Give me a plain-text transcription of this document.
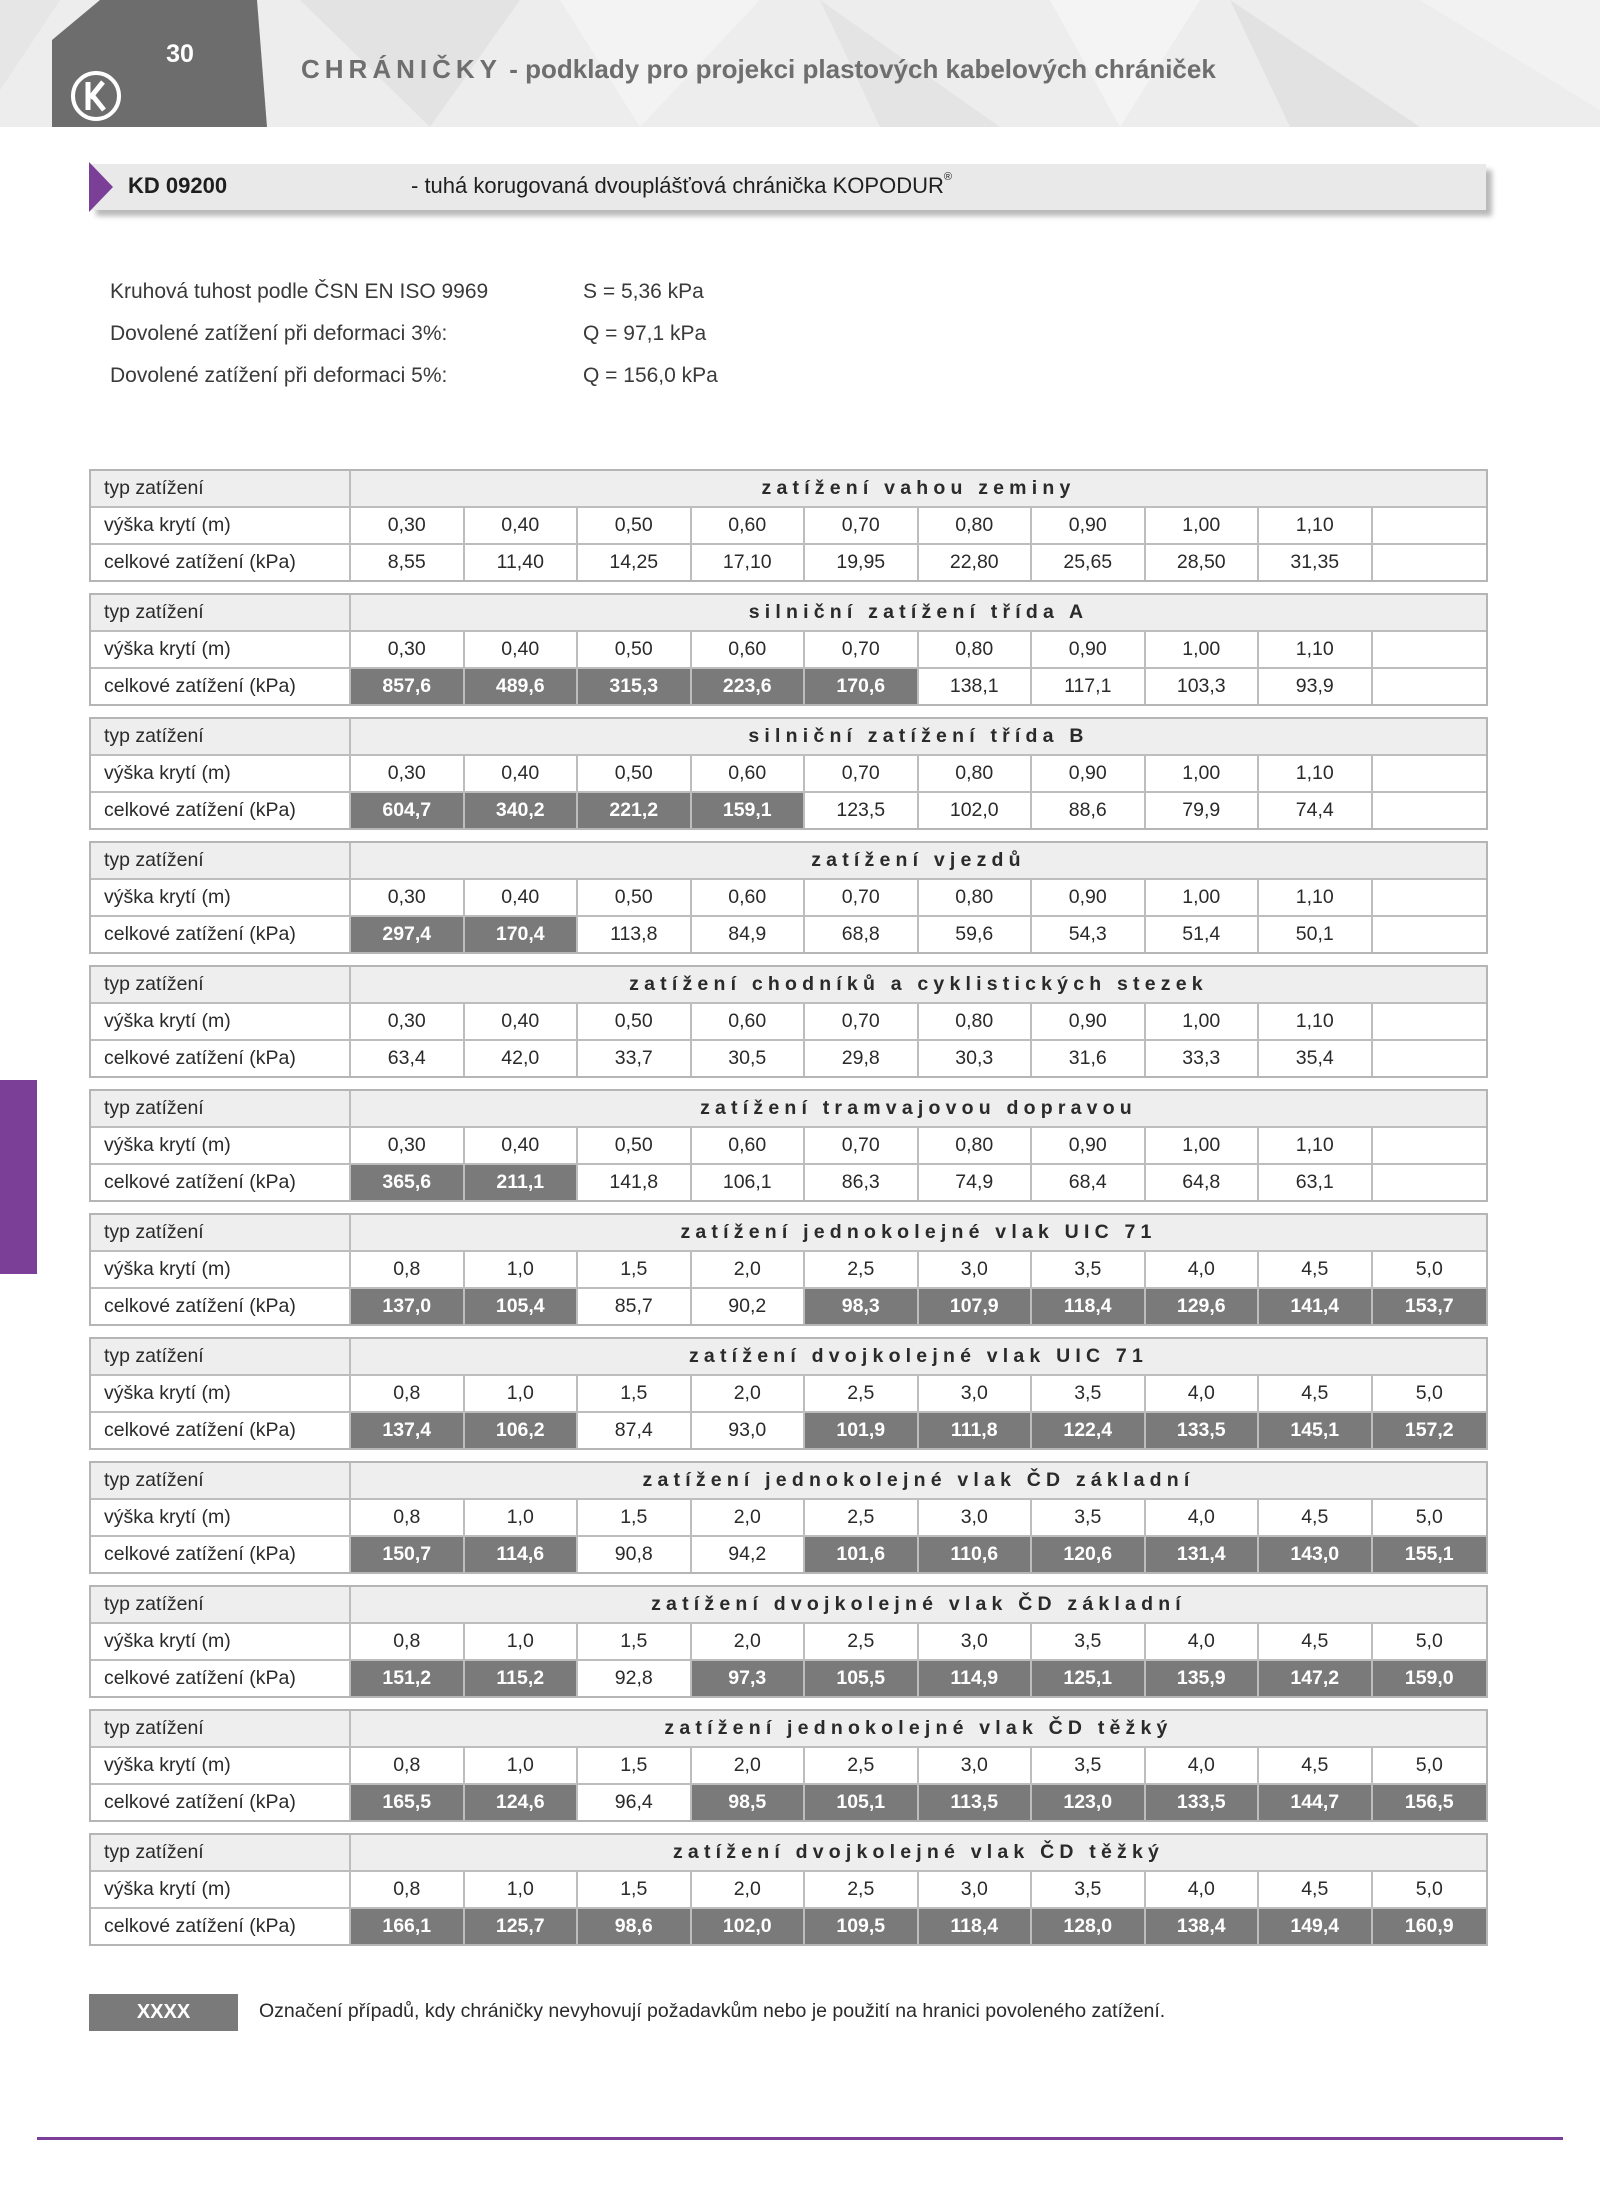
30	CHRÁNIČKY - podklady pro projekci plastových kabelových chrániček
KD 09200	- tuhá korugovaná dvouplášťová chránička KOPODUR®
Kruhová tuhost podle ČSN EN ISO 9969	S = 5,36 kPa
Dovolené zatížení při deformaci 3%:	Q = 97,1 kPa
Dovolené zatížení při deformaci 5%:	Q = 156,0 kPa
typ zatížení	zatížení vahou zeminy
výška krytí (m)	0,30	0,40	0,50	0,60	0,70	0,80	0,90	1,00	1,10
celkové zatížení (kPa)	8,55	11,40	14,25	17,10	19,95	22,80	25,65	28,50	31,35
typ zatížení	silniční zatížení třída A
výška krytí (m)	0,30	0,40	0,50	0,60	0,70	0,80	0,90	1,00	1,10
celkové zatížení (kPa)	857,6	489,6	315,3	223,6	170,6	138,1	117,1	103,3	93,9
typ zatížení	silniční zatížení třída B
výška krytí (m)	0,30	0,40	0,50	0,60	0,70	0,80	0,90	1,00	1,10
celkové zatížení (kPa)	604,7	340,2	221,2	159,1	123,5	102,0	88,6	79,9	74,4
typ zatížení	zatížení vjezdů
výška krytí (m)	0,30	0,40	0,50	0,60	0,70	0,80	0,90	1,00	1,10
celkové zatížení (kPa)	297,4	170,4	113,8	84,9	68,8	59,6	54,3	51,4	50,1
typ zatížení	zatížení chodníků a cyklistických stezek
výška krytí (m)	0,30	0,40	0,50	0,60	0,70	0,80	0,90	1,00	1,10
celkové zatížení (kPa)	63,4	42,0	33,7	30,5	29,8	30,3	31,6	33,3	35,4
typ zatížení	zatížení tramvajovou dopravou
výška krytí (m)	0,30	0,40	0,50	0,60	0,70	0,80	0,90	1,00	1,10
celkové zatížení (kPa)	365,6	211,1	141,8	106,1	86,3	74,9	68,4	64,8	63,1
typ zatížení	zatížení jednokolejné vlak UIC 71
výška krytí (m)	0,8	1,0	1,5	2,0	2,5	3,0	3,5	4,0	4,5	5,0
celkové zatížení (kPa)	137,0	105,4	85,7	90,2	98,3	107,9	118,4	129,6	141,4	153,7
typ zatížení	zatížení dvojkolejné vlak UIC 71
výška krytí (m)	0,8	1,0	1,5	2,0	2,5	3,0	3,5	4,0	4,5	5,0
celkové zatížení (kPa)	137,4	106,2	87,4	93,0	101,9	111,8	122,4	133,5	145,1	157,2
typ zatížení	zatížení jednokolejné vlak ČD základní
výška krytí (m)	0,8	1,0	1,5	2,0	2,5	3,0	3,5	4,0	4,5	5,0
celkové zatížení (kPa)	150,7	114,6	90,8	94,2	101,6	110,6	120,6	131,4	143,0	155,1
typ zatížení	zatížení dvojkolejné vlak ČD základní
výška krytí (m)	0,8	1,0	1,5	2,0	2,5	3,0	3,5	4,0	4,5	5,0
celkové zatížení (kPa)	151,2	115,2	92,8	97,3	105,5	114,9	125,1	135,9	147,2	159,0
typ zatížení	zatížení jednokolejné vlak ČD těžký
výška krytí (m)	0,8	1,0	1,5	2,0	2,5	3,0	3,5	4,0	4,5	5,0
celkové zatížení (kPa)	165,5	124,6	96,4	98,5	105,1	113,5	123,0	133,5	144,7	156,5
typ zatížení	zatížení dvojkolejné vlak ČD těžký
výška krytí (m)	0,8	1,0	1,5	2,0	2,5	3,0	3,5	4,0	4,5	5,0
celkové zatížení (kPa)	166,1	125,7	98,6	102,0	109,5	118,4	128,0	138,4	149,4	160,9
XXXX	Označení případů, kdy chráničky nevyhovují požadavkům nebo je použití na hranici povoleného zatížení.
